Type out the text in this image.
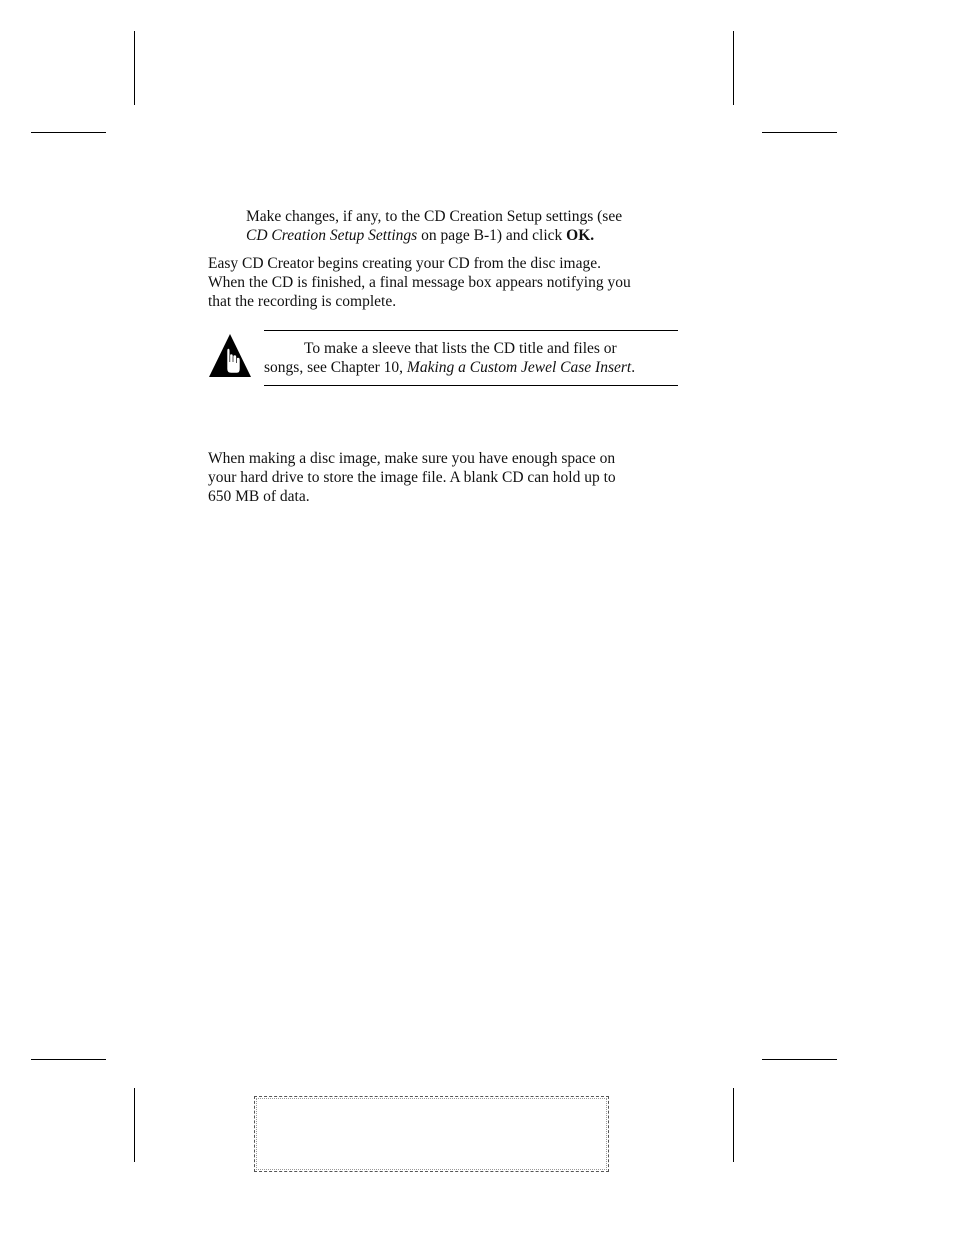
Make changes, if any, to the CD Creation Setup settings (see
CD Creation Setup Settings on page B-1) and click OK.
Easy CD Creator begins creating your CD from the disc image.
When the CD is finished, a final message box appears notifying you
that the recording is complete.
To make a sleeve that lists the CD title and files or
songs, see Chapter 10, Making a Custom Jewel Case Insert.
When making a disc image, make sure you have enough space on
your hard drive to store the image file. A blank CD can hold up to
650 MB of data.
